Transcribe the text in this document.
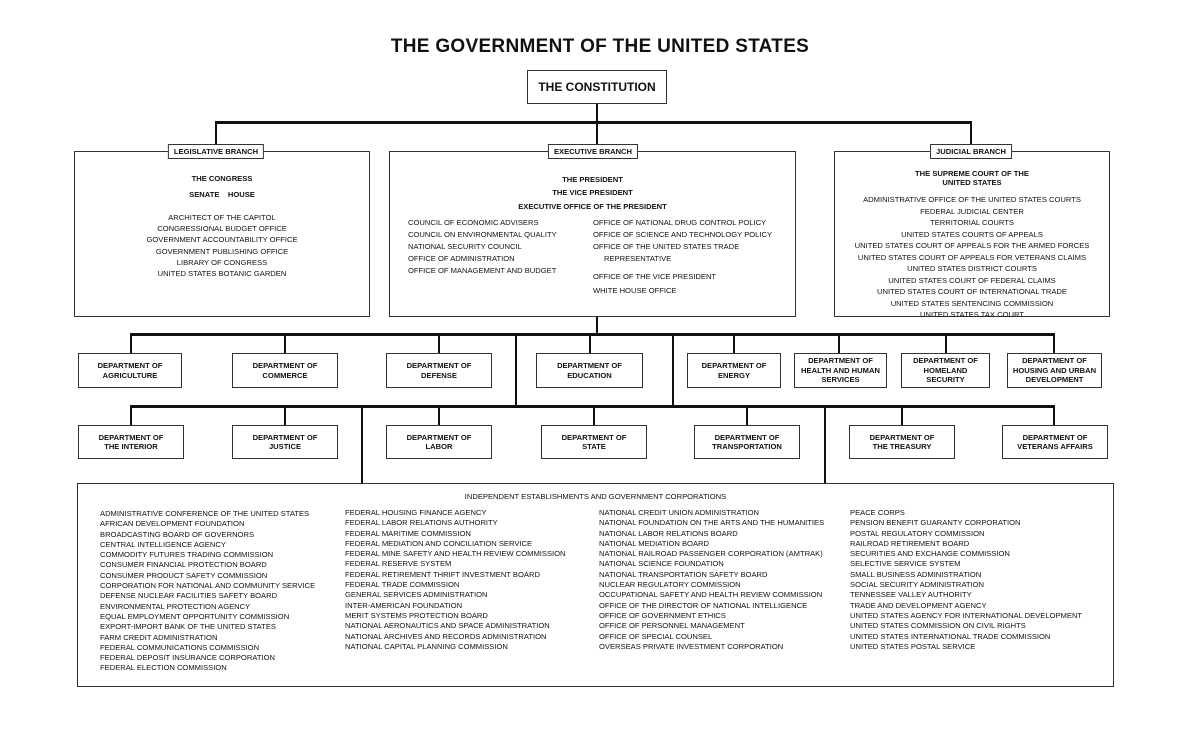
THE GOVERNMENT OF THE UNITED STATES
THE CONSTITUTION
THE CONGRESS
SENATE    HOUSE
ARCHITECT OF THE CAPITOL
CONGRESSIONAL BUDGET OFFICE
GOVERNMENT ACCOUNTABILITY OFFICE
GOVERNMENT PUBLISHING OFFICE
LIBRARY OF CONGRESS
UNITED STATES BOTANIC GARDEN
LEGISLATIVE BRANCH
THE PRESIDENT
THE VICE PRESIDENT
EXECUTIVE OFFICE OF THE PRESIDENT
COUNCIL OF ECONOMIC ADVISERS
COUNCIL ON ENVIRONMENTAL QUALITY
NATIONAL SECURITY COUNCIL
OFFICE OF ADMINISTRATION
OFFICE OF MANAGEMENT AND BUDGET
OFFICE OF NATIONAL DRUG CONTROL POLICY
OFFICE OF SCIENCE AND TECHNOLOGY POLICY
OFFICE OF THE UNITED STATES TRADE
REPRESENTATIVE
OFFICE OF THE VICE PRESIDENT
WHITE HOUSE OFFICE
EXECUTIVE BRANCH
THE SUPREME COURT OF THE
UNITED STATES
ADMINISTRATIVE OFFICE OF THE UNITED STATES COURTS
FEDERAL JUDICIAL CENTER
TERRITORIAL COURTS
UNITED STATES COURTS OF APPEALS
UNITED STATES COURT OF APPEALS FOR THE ARMED FORCES
UNITED STATES COURT OF APPEALS FOR VETERANS CLAIMS
UNITED STATES DISTRICT COURTS
UNITED STATES COURT OF FEDERAL CLAIMS
UNITED STATES COURT OF INTERNATIONAL TRADE
UNITED STATES SENTENCING COMMISSION
UNITED STATES TAX COURT
JUDICIAL BRANCH
DEPARTMENT OF
AGRICULTURE
DEPARTMENT OF
COMMERCE
DEPARTMENT OF
DEFENSE
DEPARTMENT OF
EDUCATION
DEPARTMENT OF
ENERGY
DEPARTMENT OF
HEALTH AND HUMAN
SERVICES
DEPARTMENT OF
HOMELAND
SECURITY
DEPARTMENT OF
HOUSING AND URBAN
DEVELOPMENT
DEPARTMENT OF
THE INTERIOR
DEPARTMENT OF
JUSTICE
DEPARTMENT OF
LABOR
DEPARTMENT OF
STATE
DEPARTMENT OF
TRANSPORTATION
DEPARTMENT OF
THE TREASURY
DEPARTMENT OF
VETERANS AFFAIRS
INDEPENDENT ESTABLISHMENTS AND GOVERNMENT CORPORATIONS
ADMINISTRATIVE CONFERENCE OF THE UNITED STATES
AFRICAN DEVELOPMENT FOUNDATION
BROADCASTING BOARD OF GOVERNORS
CENTRAL INTELLIGENCE AGENCY
COMMODITY FUTURES TRADING COMMISSION
CONSUMER FINANCIAL PROTECTION BOARD
CONSUMER PRODUCT SAFETY COMMISSION
CORPORATION FOR NATIONAL AND COMMUNITY SERVICE
DEFENSE NUCLEAR FACILITIES SAFETY BOARD
ENVIRONMENTAL PROTECTION AGENCY
EQUAL EMPLOYMENT OPPORTUNITY COMMISSION
EXPORT-IMPORT BANK OF THE UNITED STATES
FARM CREDIT ADMINISTRATION
FEDERAL COMMUNICATIONS COMMISSION
FEDERAL DEPOSIT INSURANCE CORPORATION
FEDERAL ELECTION COMMISSION
FEDERAL HOUSING FINANCE AGENCY
FEDERAL LABOR RELATIONS AUTHORITY
FEDERAL MARITIME COMMISSION
FEDERAL MEDIATION AND CONCILIATION SERVICE
FEDERAL MINE SAFETY AND HEALTH REVIEW COMMISSION
FEDERAL RESERVE SYSTEM
FEDERAL RETIREMENT THRIFT INVESTMENT BOARD
FEDERAL TRADE COMMISSION
GENERAL SERVICES ADMINISTRATION
INTER-AMERICAN FOUNDATION
MERIT SYSTEMS PROTECTION BOARD
NATIONAL AERONAUTICS AND SPACE ADMINISTRATION
NATIONAL ARCHIVES AND RECORDS ADMINISTRATION
NATIONAL CAPITAL PLANNING COMMISSION
NATIONAL CREDIT UNION ADMINISTRATION
NATIONAL FOUNDATION ON THE ARTS AND THE HUMANITIES
NATIONAL LABOR RELATIONS BOARD
NATIONAL MEDIATION BOARD
NATIONAL RAILROAD PASSENGER CORPORATION (AMTRAK)
NATIONAL SCIENCE FOUNDATION
NATIONAL TRANSPORTATION SAFETY BOARD
NUCLEAR REGULATORY COMMISSION
OCCUPATIONAL SAFETY AND HEALTH REVIEW COMMISSION
OFFICE OF THE DIRECTOR OF NATIONAL INTELLIGENCE
OFFICE OF GOVERNMENT ETHICS
OFFICE OF PERSONNEL MANAGEMENT
OFFICE OF SPECIAL COUNSEL
OVERSEAS PRIVATE INVESTMENT CORPORATION
PEACE CORPS
PENSION BENEFIT GUARANTY CORPORATION
POSTAL REGULATORY COMMISSION
RAILROAD RETIREMENT BOARD
SECURITIES AND EXCHANGE COMMISSION
SELECTIVE SERVICE SYSTEM
SMALL BUSINESS ADMINISTRATION
SOCIAL SECURITY ADMINISTRATION
TENNESSEE VALLEY AUTHORITY
TRADE AND DEVELOPMENT AGENCY
UNITED STATES AGENCY FOR INTERNATIONAL DEVELOPMENT
UNITED STATES COMMISSION ON CIVIL RIGHTS
UNITED STATES INTERNATIONAL TRADE COMMISSION
UNITED STATES POSTAL SERVICE
